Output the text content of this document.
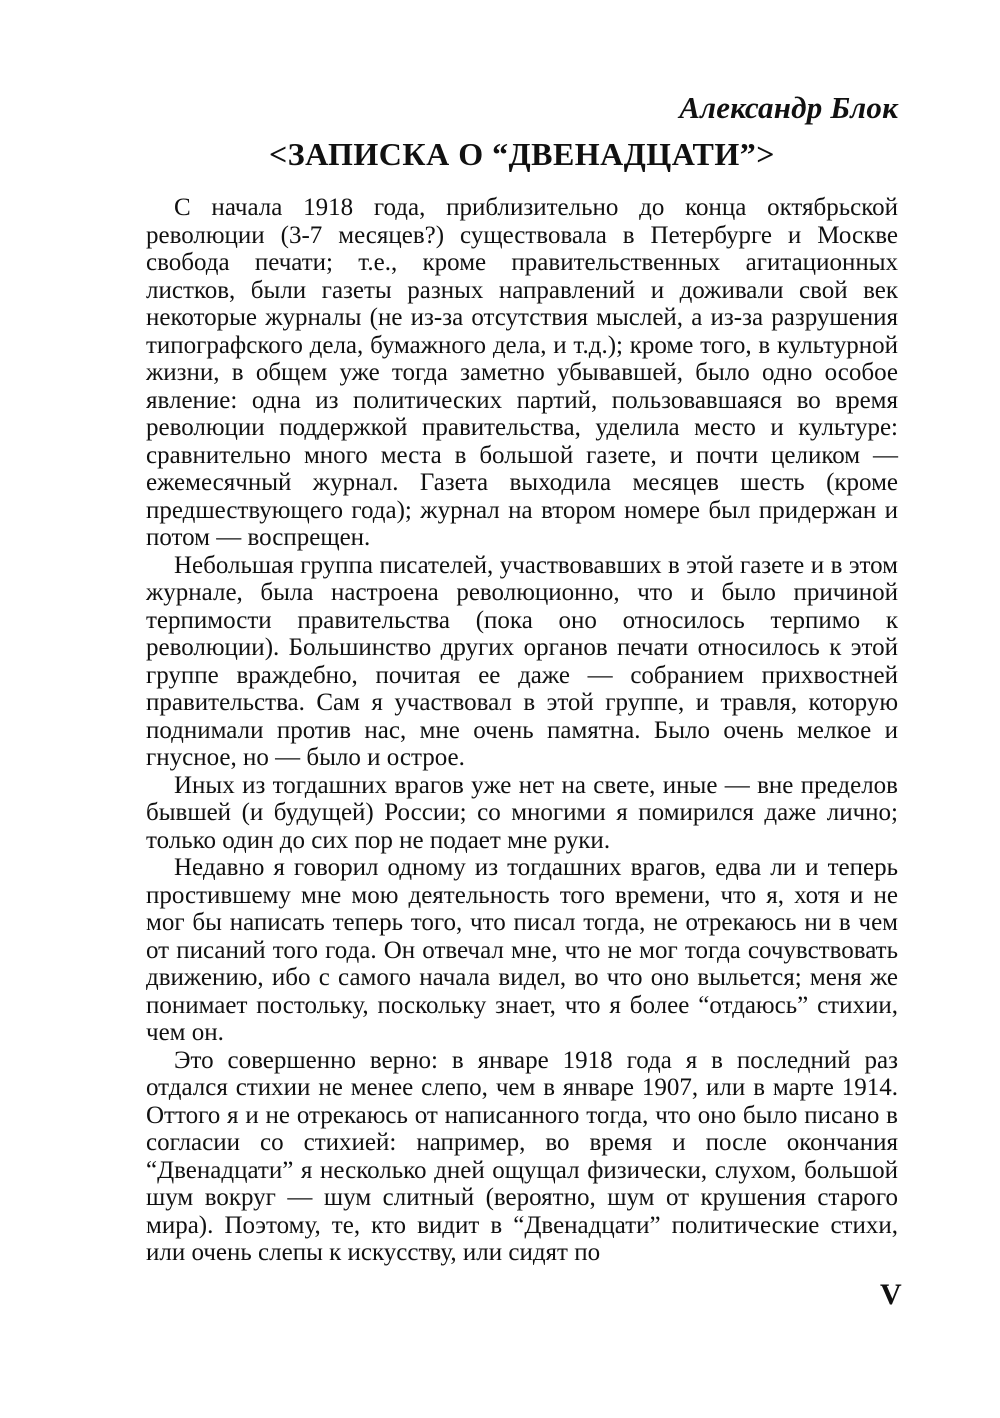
Александр Блок
<ЗАПИСКА О “ДВЕНАДЦАТИ”>

С начала 1918 года, приблизительно до конца октябрьской революции (3-7 месяцев?) существовала в Петербурге и Москве свобода печати; т.е., кроме правительственных агитационных листков, были газеты разных направлений и доживали свой век некоторые журналы (не из-за отсутствия мыслей, а из-за разрушения типографского дела, бумажного дела, и т.д.); кроме того, в культурной жизни, в общем уже тогда заметно убывавшей, было одно особое явление: одна из политических партий, пользовавшаяся во время революции поддержкой правительства, уделила место и культуре: сравнительно много места в большой газете, и почти целиком — ежемесячный журнал. Газета выходила месяцев шесть (кроме предшествующего года); журнал на втором номере был придержан и потом — воспрещен.

Небольшая группа писателей, участвовавших в этой газете и в этом журнале, была настроена революционно, что и было причиной терпимости правительства (пока оно относилось терпимо к революции). Большинство других органов печати относилось к этой группе враждебно, почитая ее даже — собранием прихвостней правительства. Сам я участвовал в этой группе, и травля, которую поднимали против нас, мне очень памятна. Было очень мелкое и гнусное, но — было и острое.

Иных из тогдашних врагов уже нет на свете, иные — вне пределов бывшей (и будущей) России; со многими я помирился даже лично; только один до сих пор не подает мне руки.

Недавно я говорил одному из тогдашних врагов, едва ли и теперь простившему мне мою деятельность того времени, что я, хотя и не мог бы написать теперь того, что писал тогда, не отрекаюсь ни в чем от писаний того года. Он отвечал мне, что не мог тогда сочувствовать движению, ибо с самого начала видел, во что оно выльется; меня же понимает постольку, поскольку знает, что я более “отдаюсь” стихии, чем он.

Это совершенно верно: в январе 1918 года я в последний раз отдался стихии не менее слепо, чем в январе 1907, или в марте 1914. Оттого я и не отрекаюсь от написанного тогда, что оно было писано в согласии со стихией: например, во время и после окончания “Двенадцати” я несколько дней ощущал физически, слухом, большой шум вокруг — шум слитный (вероятно, шум от крушения старого мира). Поэтому, те, кто видит в “Двенадцати” политические стихи, или очень слепы к искусству, или сидят по

V
